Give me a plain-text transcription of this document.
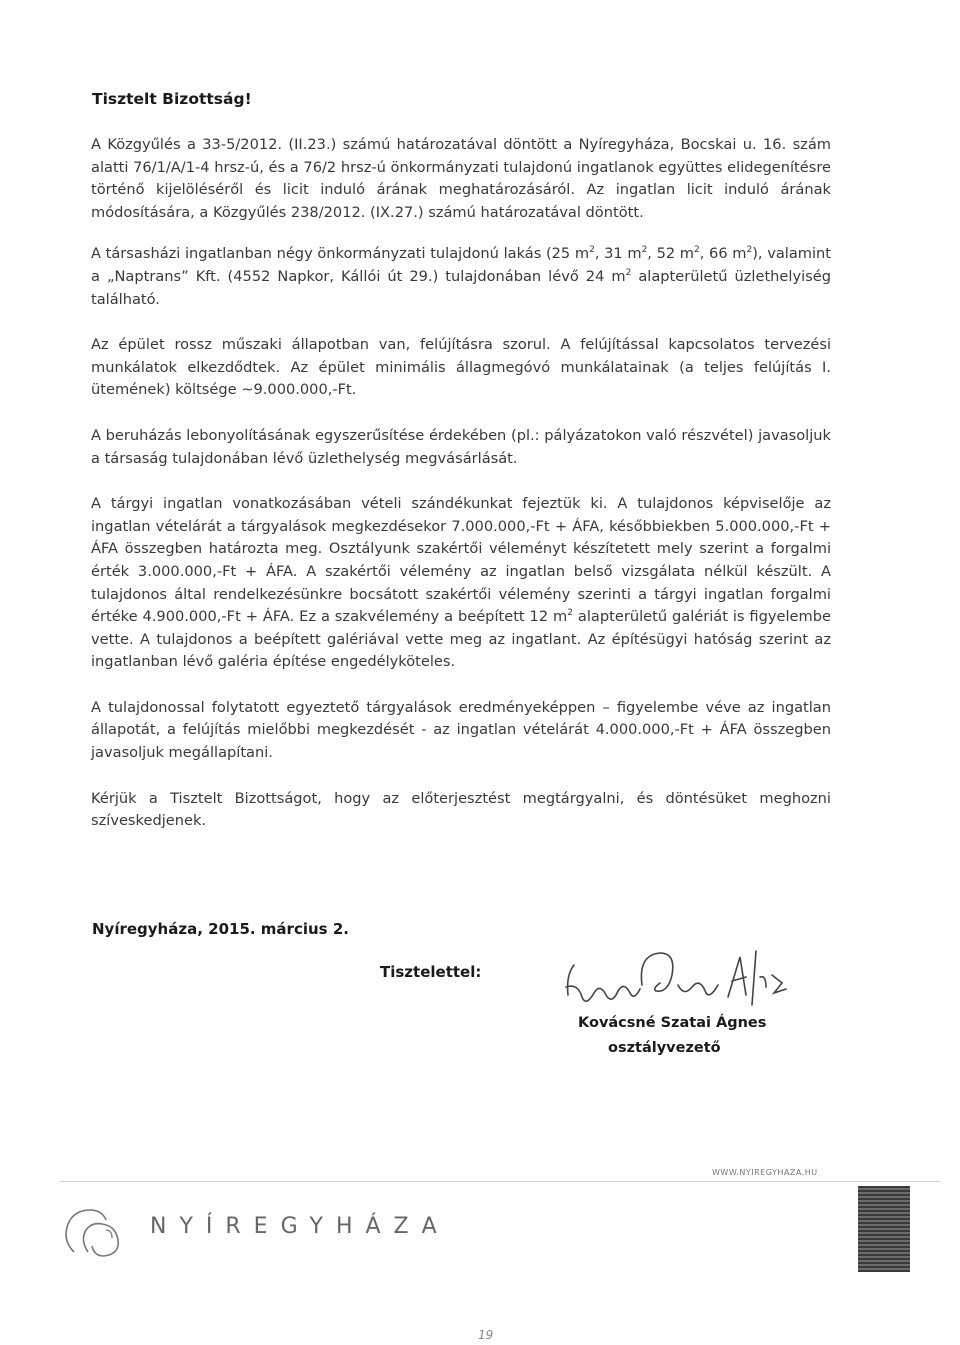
Tisztelt Bizottság!

A Közgyűlés a 33-5/2012. (II.23.) számú határozatával döntött a Nyíregyháza, Bocskai u. 16. szám alatti 76/1/A/1-4 hrsz-ú, és a 76/2 hrsz-ú önkormányzati tulajdonú ingatlanok együttes elidegenítésre történő kijelöléséről és licit induló árának meghatározásáról. Az ingatlan licit induló árának módosítására, a Közgyűlés 238/2012. (IX.27.) számú határozatával döntött.

A társasházi ingatlanban négy önkormányzati tulajdonú lakás (25 $m^2$, 31 $m^2$, 52 $m^2$, 66 $m^2$), valamint a „Naptrans” Kft. (4552 Napkor, Kállói út 29.) tulajdonában lévő 24 $m^2$ alapterületű üzlethelyiség található.

Az épület rossz műszaki állapotban van, felújításra szorul. A felújítással kapcsolatos tervezési munkálatok elkezdődtek. Az épület minimális állagmegóvó munkálatainak (a teljes felújítás I. ütemének) költsége ~9.000.000,-Ft.

A beruházás lebonyolításának egyszerűsítése érdekében (pl.: pályázatokon való részvétel) javasoljuk a társaság tulajdonában lévő üzlethelység megvásárlását.

A tárgyi ingatlan vonatkozásában vételi szándékunkat fejeztük ki. A tulajdonos képviselője az ingatlan vételárát a tárgyalások megkezdésekor 7.000.000,-Ft + ÁFA, későbbiekben 5.000.000,-Ft + ÁFA összegben határozta meg. Osztályunk szakértői véleményt készítetett mely szerint a forgalmi érték 3.000.000,-Ft + ÁFA. A szakértői vélemény az ingatlan belső vizsgálata nélkül készült. A tulajdonos által rendelkezésünkre bocsátott szakértői vélemény szerinti a tárgyi ingatlan forgalmi értéke 4.900.000,-Ft + ÁFA. Ez a szakvélemény a beépített 12 $m^2$ alapterületű galériát is figyelembe vette. A tulajdonos a beépített galériával vette meg az ingatlant. Az építésügyi hatóság szerint az ingatlanban lévő galéria építése engedélyköteles.

A tulajdonossal folytatott egyeztető tárgyalások eredményeképpen – figyelembe véve az ingatlan állapotát, a felújítás mielőbbi megkezdését - az ingatlan vételárát 4.000.000,-Ft + ÁFA összegben javasoljuk megállapítani.

Kérjük a Tisztelt Bizottságot, hogy az előterjesztést megtárgyalni, és döntésüket meghozni szíveskedjenek.

Nyíregyháza, 2015. március 2.
Tisztelettel:
Kovácsné Szatai Ágnes
osztályvezető
WWW.NYIREGYHAZA.HU
NYÍREGYHÁZA
19
